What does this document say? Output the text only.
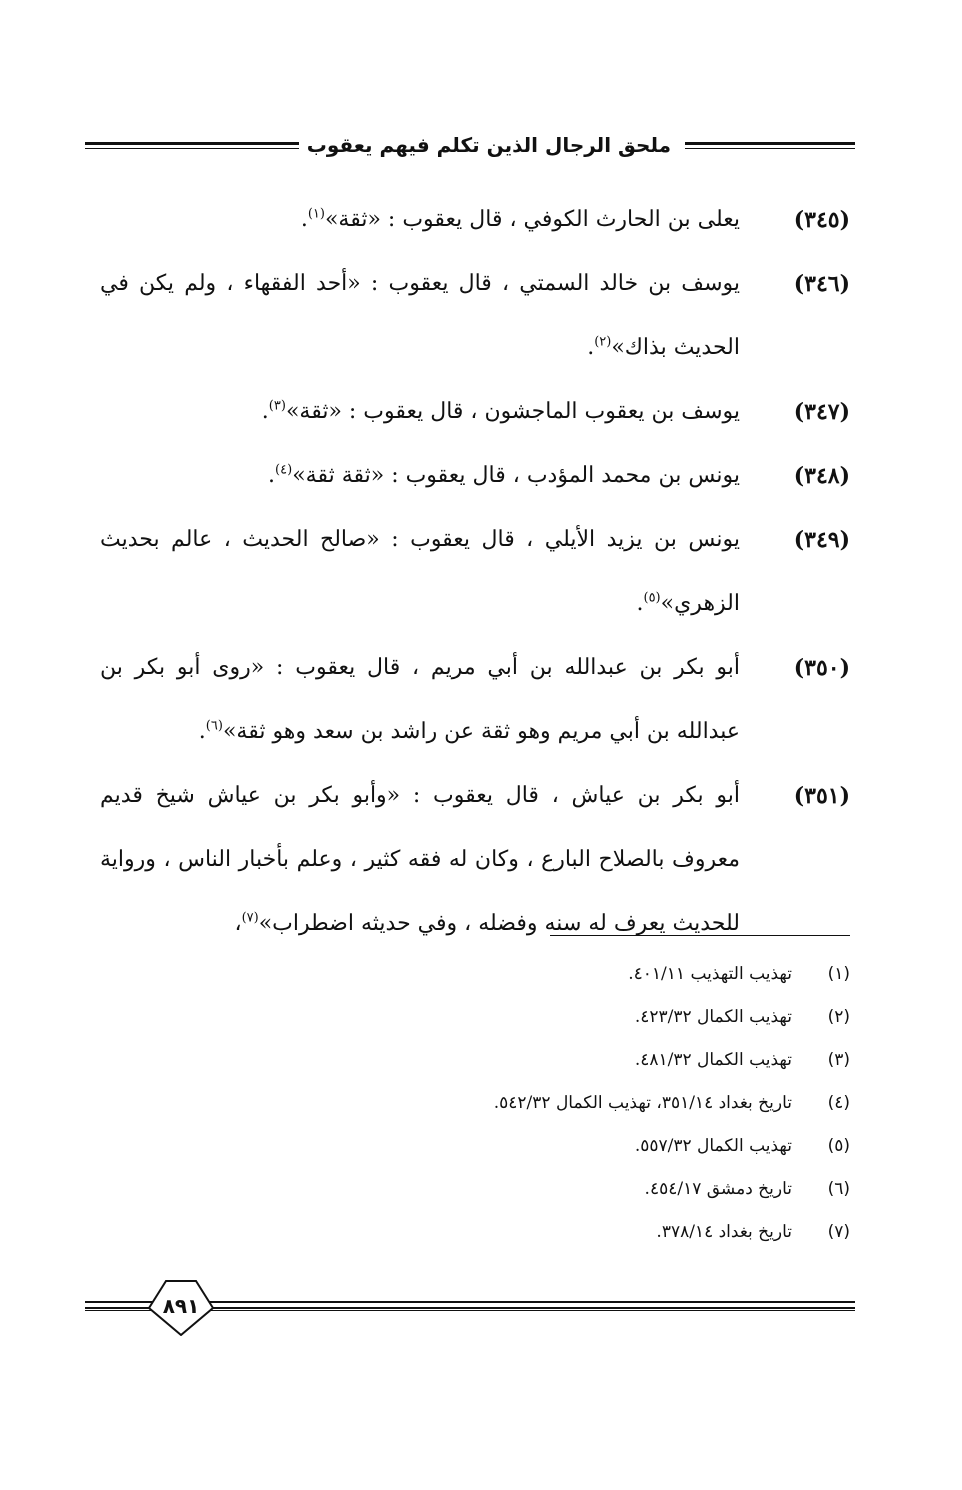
ملحق الرجال الذين تكلم فيهم يعقوب

(٣٤٥)
يعلى بن الحارث الكوفي ، قال يعقوب : «ثقة»$^{(١)}$.

(٣٤٦)
يوسف بن خالد السمتي ، قال يعقوب : «أحد الفقهاء ، ولم يكن في الحديث بذاك»$^{(٢)}$.

(٣٤٧)
يوسف بن يعقوب الماجشون ، قال يعقوب : «ثقة»$^{(٣)}$.

(٣٤٨)
يونس بن محمد المؤدب ، قال يعقوب : «ثقة ثقة»$^{(٤)}$.

(٣٤٩)
يونس بن يزيد الأيلي ، قال يعقوب : «صالح الحديث ، عالم بحديث الزهري»$^{(٥)}$.

(٣٥٠)
أبو بكر بن عبدالله بن أبي مريم ، قال يعقوب : «روى أبو بكر بن عبدالله بن أبي مريم وهو ثقة عن راشد بن سعد وهو ثقة»$^{(٦)}$.

(٣٥١)
أبو بكر بن عياش ، قال يعقوب : «وأبو بكر بن عياش شيخ قديم معروف بالصلاح البارع ، وكان له فقه كثير ، وعلم بأخبار الناس ، ورواية للحديث يعرف له سنه وفضله ، وفي حديثه اضطراب»$^{(٧)}$،

(١)
تهذيب التهذيب ٤٠١/١١.
(٢)
تهذيب الكمال ٤٢٣/٣٢.
(٣)
تهذيب الكمال ٤٨١/٣٢.
(٤)
تاريخ بغداد ٣٥١/١٤، تهذيب الكمال ٥٤٢/٣٢.
(٥)
تهذيب الكمال ٥٥٧/٣٢.
(٦)
تاريخ دمشق ٤٥٤/١٧.
(٧)
تاريخ بغداد ٣٧٨/١٤.
٨٩١
